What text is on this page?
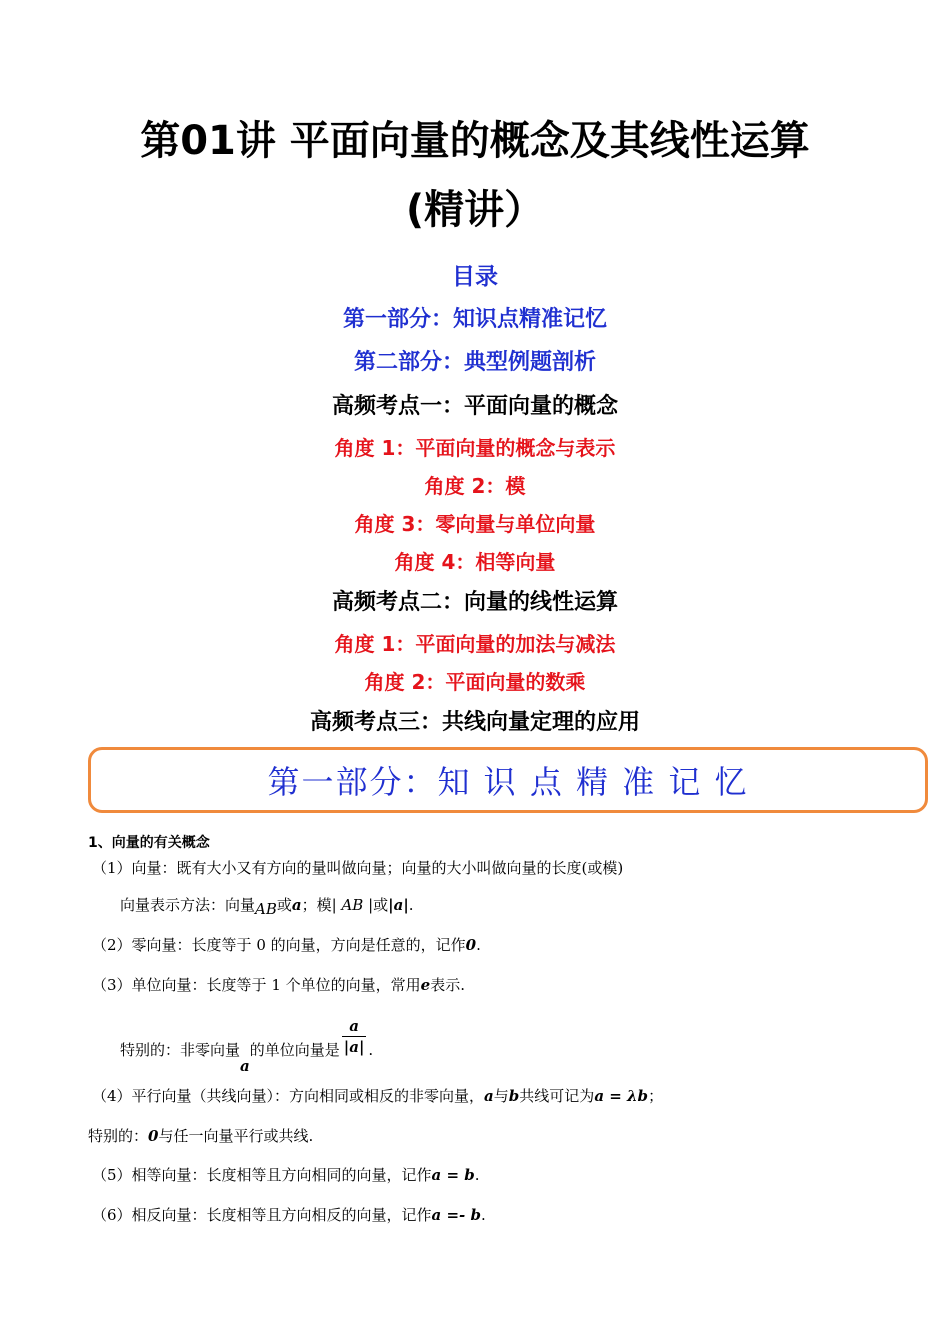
第01讲 平面向量的概念及其线性运算
(精讲）
目录
第一部分：知识点精准记忆
第二部分：典型例题剖析
高频考点一：平面向量的概念
角度 1：平面向量的概念与表示
角度 2：模
角度 3：零向量与单位向量
角度 4：相等向量
高频考点二：向量的线性运算
角度 1：平面向量的加法与减法
角度 2：平面向量的数乘
高频考点三：共线向量定理的应用
第一部分：知 识 点 精 准 记 忆
1、向量的有关概念
（1）向量：既有大小又有方向的量叫做向量；向量的大小叫做向量的长度(或模)
向量表示方法：向量AB或a；模| AB |或|a|.
（2）零向量：长度等于 0 的向量，方向是任意的，记作0.
（3）单位向量：长度等于 1 个单位的向量，常用e表示.
特别的：非零向量a的单位向量是 $\frac{a}{|a|}$ .
（4）平行向量（共线向量）：方向相同或相反的非零向量，a与b共线可记为a = λb；
特别的：0与任一向量平行或共线.
（5）相等向量：长度相等且方向相同的向量，记作a = b.
（6）相反向量：长度相等且方向相反的向量，记作a =- b.
